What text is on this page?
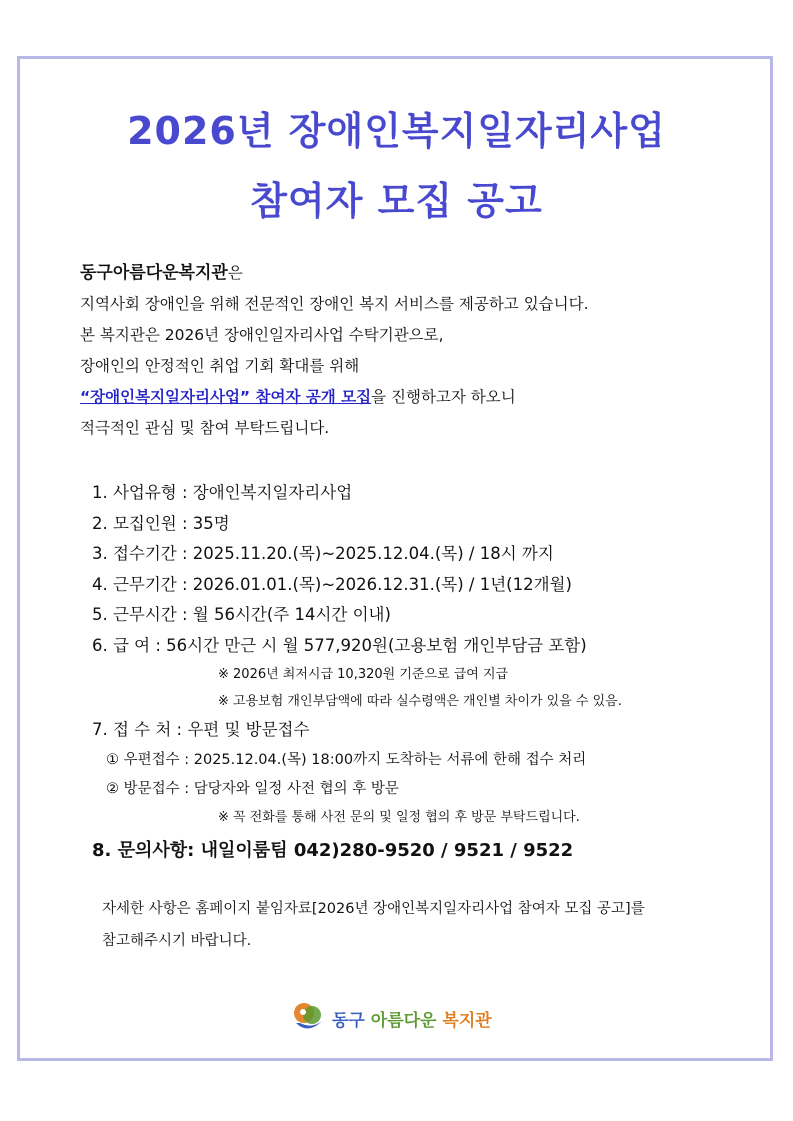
2026년 장애인복지일자리사업
참여자 모집 공고
동구아름다운복지관은
지역사회 장애인을 위해 전문적인 장애인 복지 서비스를 제공하고 있습니다.
본 복지관은 2026년 장애인일자리사업 수탁기관으로,
장애인의 안정적인 취업 기회 확대를 위해
“장애인복지일자리사업” 참여자 공개 모집을 진행하고자 하오니
적극적인 관심 및 참여 부탁드립니다.
1. 사업유형 : 장애인복지일자리사업
2. 모집인원 : 35명
3. 접수기간 : 2025.11.20.(목)~2025.12.04.(목) / 18시 까지
4. 근무기간 : 2026.01.01.(목)~2026.12.31.(목) / 1년(12개월)
5. 근무시간 : 월 56시간(주 14시간 이내)
6. 급 여 : 56시간 만근 시 월 577,920원(고용보험 개인부담금 포함)
※ 2026년 최저시급 10,320원 기준으로 급여 지급
※ 고용보험 개인부담액에 따라 실수령액은 개인별 차이가 있을 수 있음.
7. 접 수 처 : 우편 및 방문접수
① 우편접수 : 2025.12.04.(목) 18:00까지 도착하는 서류에 한해 접수 처리
② 방문접수 : 담당자와 일정 사전 협의 후 방문
※ 꼭 전화를 통해 사전 문의 및 일정 협의 후 방문 부탁드립니다.
8. 문의사항: 내일이룸팀 042)280-9520 / 9521 / 9522
자세한 사항은 홈페이지 붙임자료[2026년 장애인복지일자리사업 참여자 모집 공고]를
참고해주시기 바랍니다.
동구 아름다운 복지관
